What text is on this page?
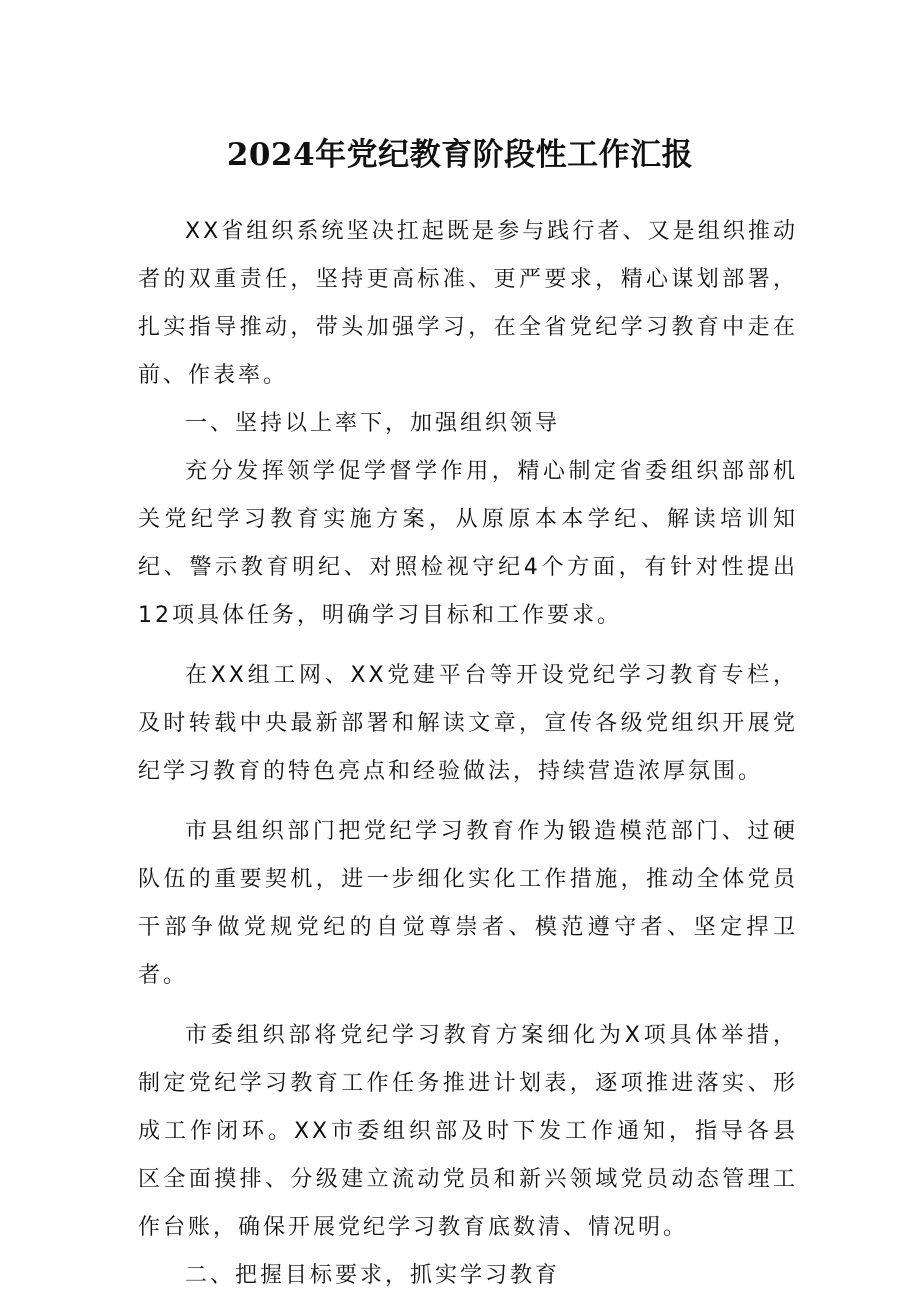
2024年党纪教育阶段性工作汇报

XX省组织系统坚决扛起既是参与践行者、又是组织推动者的双重责任，坚持更高标准、更严要求，精心谋划部署，扎实指导推动，带头加强学习，在全省党纪学习教育中走在前、作表率。

一、坚持以上率下，加强组织领导

充分发挥领学促学督学作用，精心制定省委组织部部机关党纪学习教育实施方案，从原原本本学纪、解读培训知纪、警示教育明纪、对照检视守纪4个方面，有针对性提出12项具体任务，明确学习目标和工作要求。

在XX组工网、XX党建平台等开设党纪学习教育专栏，及时转载中央最新部署和解读文章，宣传各级党组织开展党纪学习教育的特色亮点和经验做法，持续营造浓厚氛围。

市县组织部门把党纪学习教育作为锻造模范部门、过硬队伍的重要契机，进一步细化实化工作措施，推动全体党员干部争做党规党纪的自觉尊崇者、模范遵守者、坚定捍卫者。

市委组织部将党纪学习教育方案细化为X项具体举措，制定党纪学习教育工作任务推进计划表，逐项推进落实、形成工作闭环。XX市委组织部及时下发工作通知，指导各县区全面摸排、分级建立流动党员和新兴领域党员动态管理工作台账，确保开展党纪学习教育底数清、情况明。

二、把握目标要求，抓实学习教育
